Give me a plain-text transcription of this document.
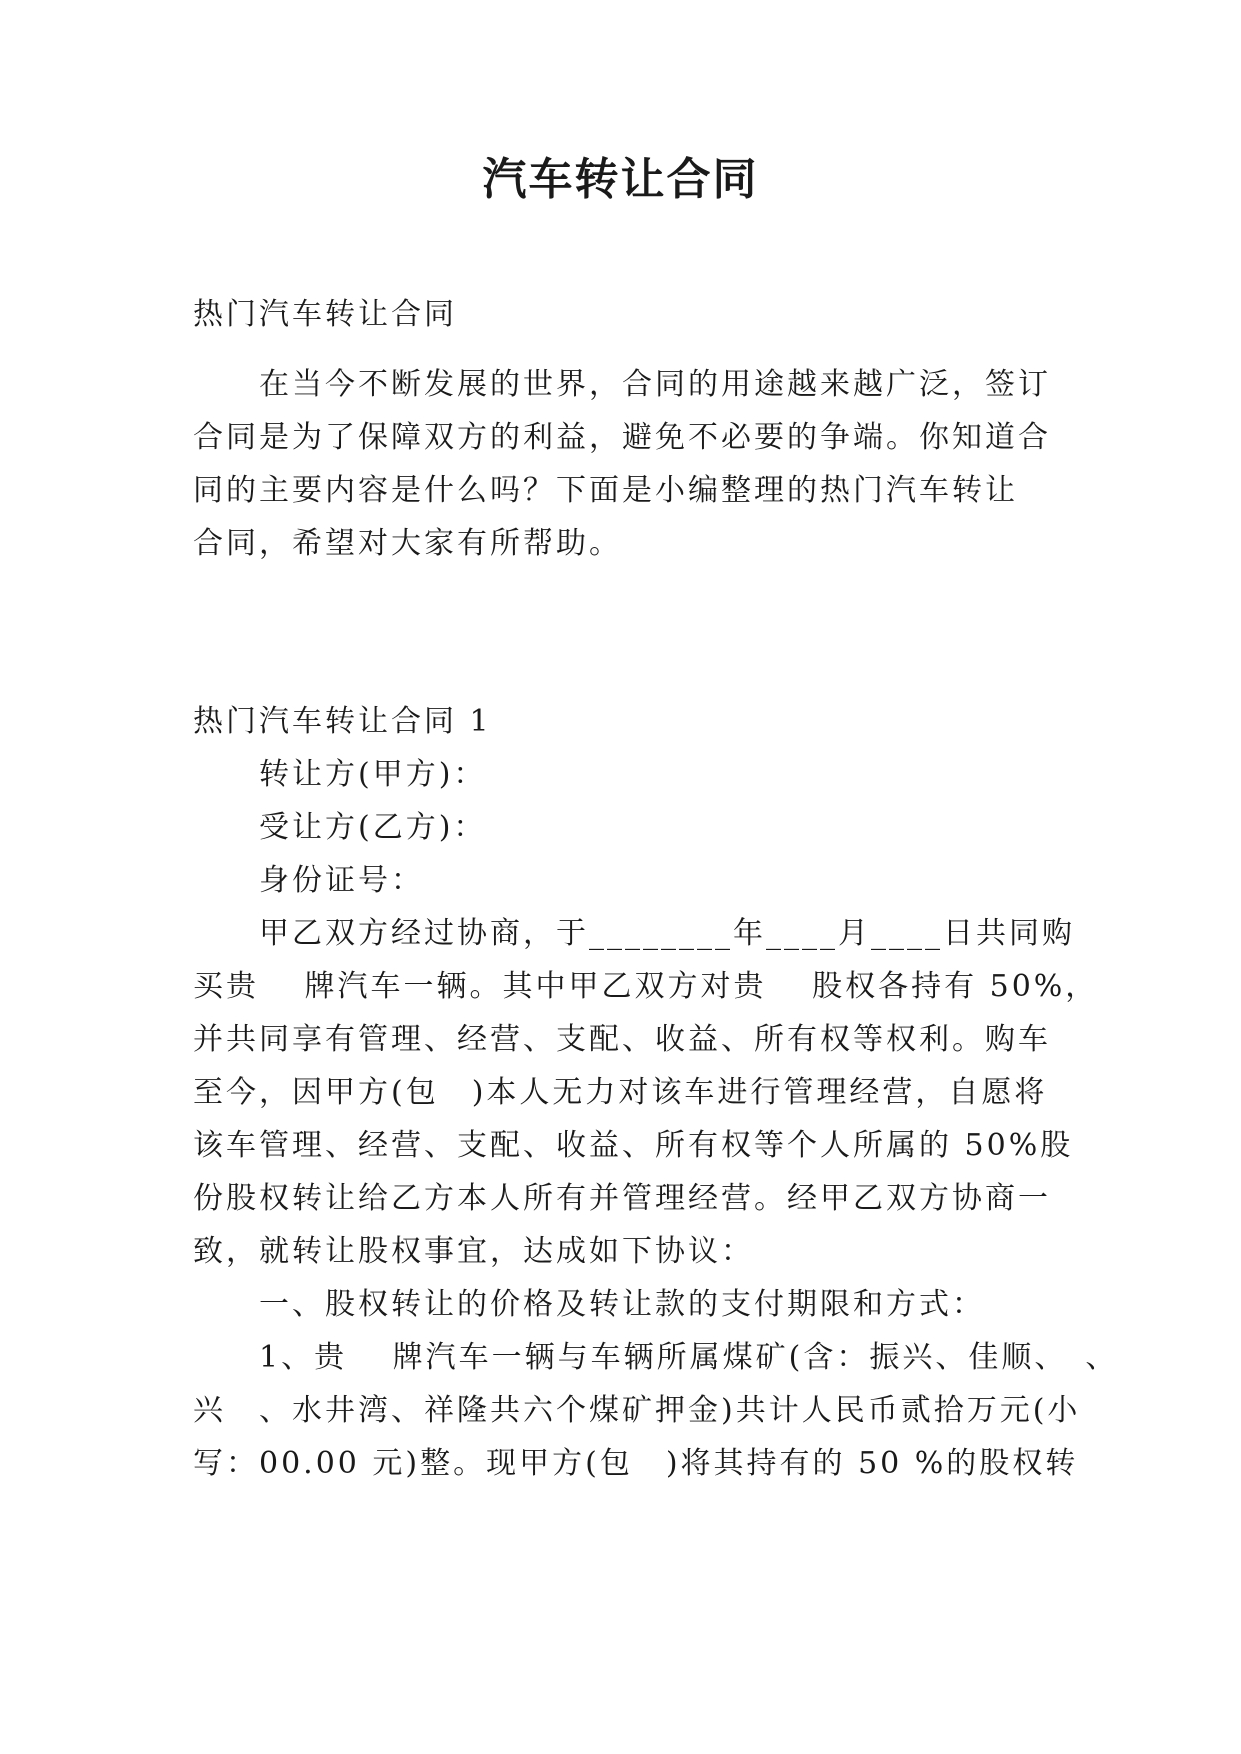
汽车转让合同
热门汽车转让合同
　　在当今不断发展的世界，合同的用途越来越广泛，签订
合同是为了保障双方的利益，避免不必要的争端。你知道合
同的主要内容是什么吗？下面是小编整理的热门汽车转让
合同，希望对大家有所帮助。
热门汽车转让合同 1
　　转让方(甲方)：
　　受让方(乙方)：
　　身份证号：
　　甲乙双方经过协商，于________年____月____日共同购
买贵　 牌汽车一辆。其中甲乙双方对贵　 股权各持有 50%，
并共同享有管理、经营、支配、收益、所有权等权利。购车
至今，因甲方(包　)本人无力对该车进行管理经营，自愿将
该车管理、经营、支配、收益、所有权等个人所属的 50%股
份股权转让给乙方本人所有并管理经营。经甲乙双方协商一
致，就转让股权事宜，达成如下协议：
　　一、股权转让的价格及转让款的支付期限和方式：
　　1、贵　 牌汽车一辆与车辆所属煤矿(含：振兴、佳顺、　、
兴　、水井湾、祥隆共六个煤矿押金)共计人民币贰拾万元(小
写：00.00 元)整。现甲方(包　)将其持有的 50 %的股权转
